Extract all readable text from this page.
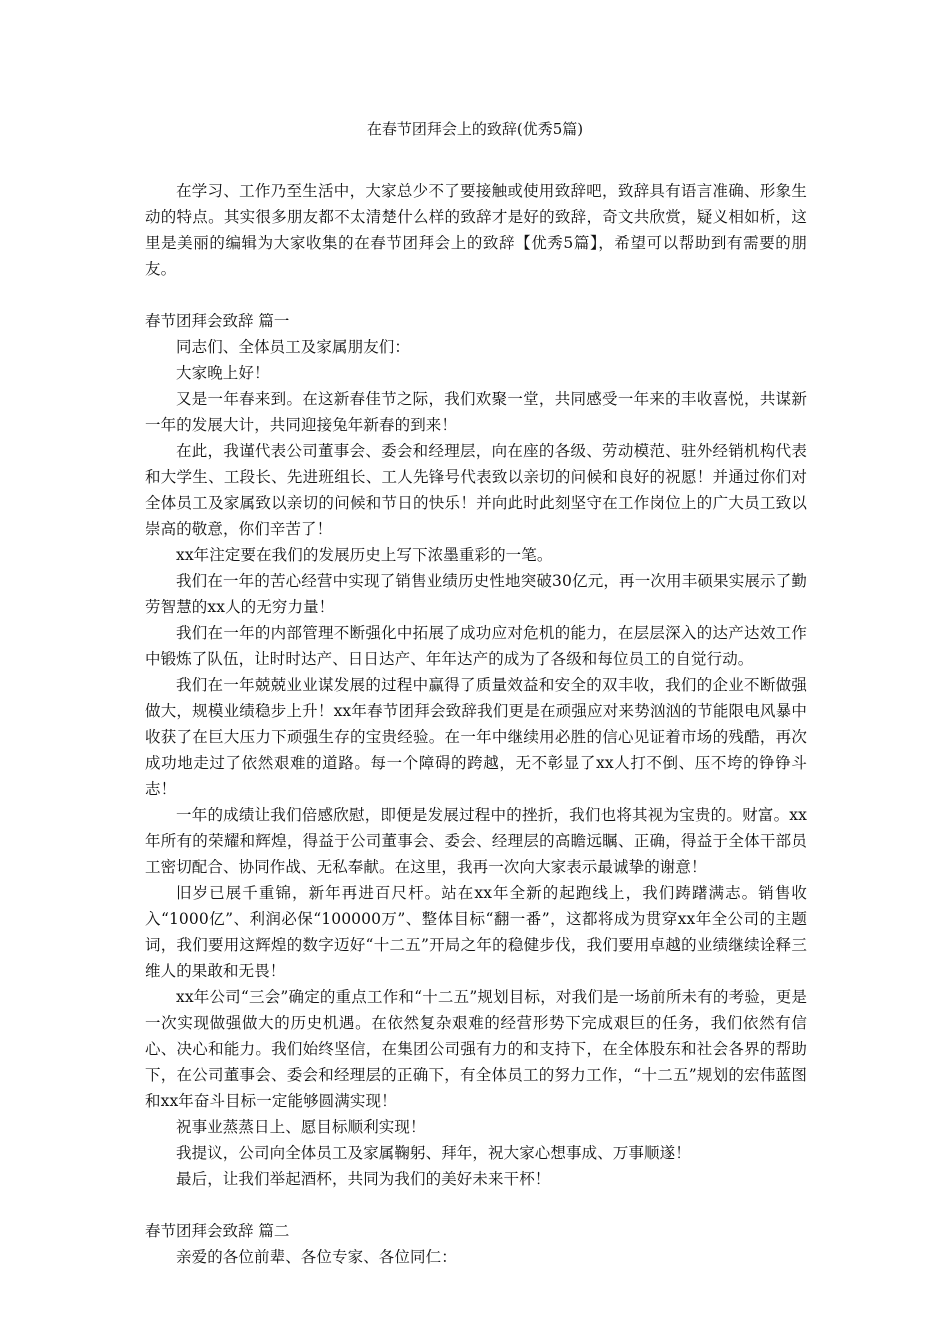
在春节团拜会上的致辞(优秀5篇)

在学习、工作乃至生活中，大家总少不了要接触或使用致辞吧，致辞具有语言准确、形象生动的特点。其实很多朋友都不太清楚什么样的致辞才是好的致辞，奇文共欣赏，疑义相如析，这里是美丽的编辑为大家收集的在春节团拜会上的致辞【优秀5篇】，希望可以帮助到有需要的朋友。

春节团拜会致辞 篇一

同志们、全体员工及家属朋友们：

大家晚上好！

又是一年春来到。在这新春佳节之际，我们欢聚一堂，共同感受一年来的丰收喜悦，共谋新一年的发展大计，共同迎接兔年新春的到来！

在此，我谨代表公司董事会、委会和经理层，向在座的各级、劳动模范、驻外经销机构代表和大学生、工段长、先进班组长、工人先锋号代表致以亲切的问候和良好的祝愿！并通过你们对全体员工及家属致以亲切的问候和节日的快乐！并向此时此刻坚守在工作岗位上的广大员工致以崇高的敬意，你们辛苦了！

xx年注定要在我们的发展历史上写下浓墨重彩的一笔。

我们在一年的苦心经营中实现了销售业绩历史性地突破30亿元，再一次用丰硕果实展示了勤劳智慧的xx人的无穷力量！

我们在一年的内部管理不断强化中拓展了成功应对危机的能力，在层层深入的达产达效工作中锻炼了队伍，让时时达产、日日达产、年年达产的成为了各级和每位员工的自觉行动。

我们在一年兢兢业业谋发展的过程中赢得了质量效益和安全的双丰收，我们的企业不断做强做大，规模业绩稳步上升！xx年春节团拜会致辞我们更是在顽强应对来势汹汹的节能限电风暴中收获了在巨大压力下顽强生存的宝贵经验。在一年中继续用必胜的信心见证着市场的残酷，再次成功地走过了依然艰难的道路。每一个障碍的跨越，无不彰显了xx人打不倒、压不垮的铮铮斗志！

一年的成绩让我们倍感欣慰，即便是发展过程中的挫折，我们也将其视为宝贵的。财富。xx年所有的荣耀和辉煌，得益于公司董事会、委会、经理层的高瞻远瞩、正确，得益于全体干部员工密切配合、协同作战、无私奉献。在这里，我再一次向大家表示最诚挚的谢意！

旧岁已展千重锦，新年再进百尺杆。站在xx年全新的起跑线上，我们踌躇满志。销售收入“1000亿”、利润必保“100000万”、整体目标“翻一番”，这都将成为贯穿xx年全公司的主题词，我们要用这辉煌的数字迈好“十二五”开局之年的稳健步伐，我们要用卓越的业绩继续诠释三维人的果敢和无畏！

xx年公司“三会”确定的重点工作和“十二五”规划目标，对我们是一场前所未有的考验，更是一次实现做强做大的历史机遇。在依然复杂艰难的经营形势下完成艰巨的任务，我们依然有信心、决心和能力。我们始终坚信，在集团公司强有力的和支持下，在全体股东和社会各界的帮助下，在公司董事会、委会和经理层的正确下，有全体员工的努力工作，“十二五”规划的宏伟蓝图和xx年奋斗目标一定能够圆满实现！

祝事业蒸蒸日上、愿目标顺利实现！

我提议，公司向全体员工及家属鞠躬、拜年，祝大家心想事成、万事顺遂！

最后，让我们举起酒杯，共同为我们的美好未来干杯！

春节团拜会致辞 篇二

亲爱的各位前辈、各位专家、各位同仁：
